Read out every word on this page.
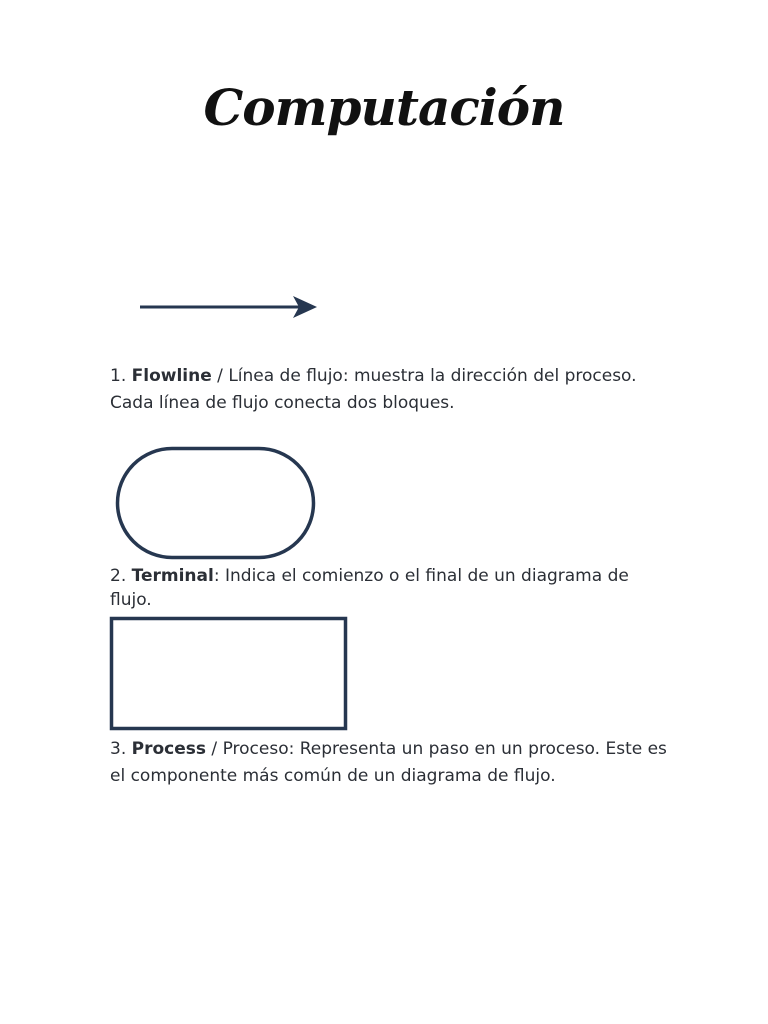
Computación
1. Flowline / Línea de flujo: muestra la dirección del proceso. Cada línea de flujo conecta dos bloques.
2. Terminal: Indica el comienzo o el final de un diagrama de flujo.
3. Process / Proceso: Representa un paso en un proceso. Este es el componente más común de un diagrama de flujo.
